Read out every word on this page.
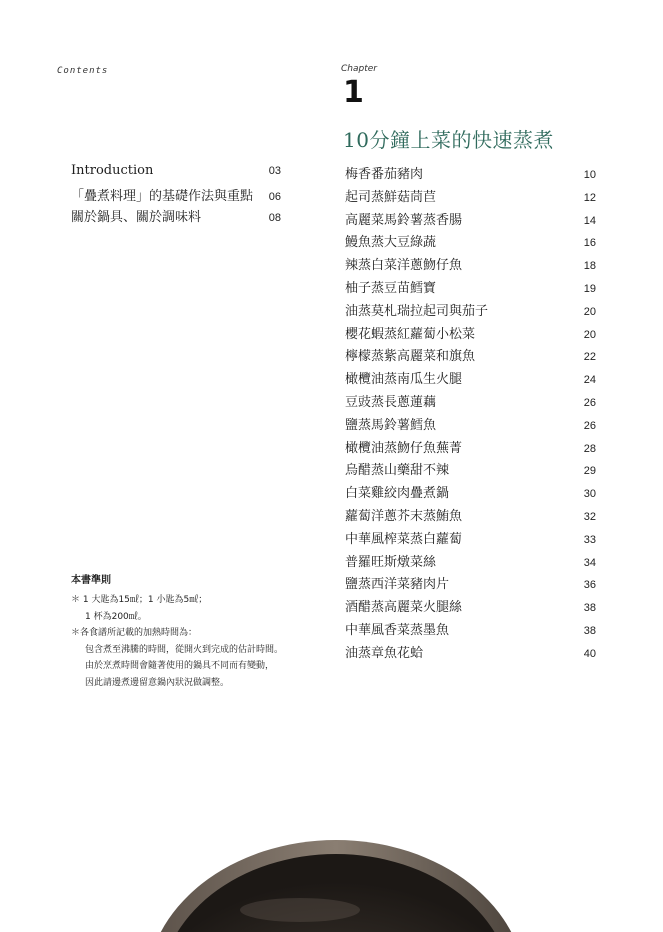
Contents	Chapter
1
10分鐘上菜的快速蒸煮
Introduction	03
「疊煮料理」的基礎作法與重點 06
關於鍋具、關於調味料	08
梅香番茄豬肉	10
起司蒸鮮菇茼苣	12
高麗菜馬鈴薯蒸香腸	14
鰻魚蒸大豆綠蔬	16
辣蒸白菜洋蔥魩仔魚	18
柚子蒸豆苗鱈寶	19
油蒸莫札瑞拉起司與茄子	20
櫻花蝦蒸紅蘿蔔小松菜	20
檸檬蒸紫高麗菜和旗魚	22
橄欖油蒸南瓜生火腿	24
豆豉蒸長蔥蓮藕	26
鹽蒸馬鈴薯鱈魚	26
橄欖油蒸魩仔魚蕪菁	28
烏醋蒸山藥甜不辣	29
白菜雞絞肉疊煮鍋	30
蘿蔔洋蔥芥末蒸鮪魚	32
中華風榨菜蒸白蘿蔔	33
普羅旺斯燉菜絲	34
鹽蒸西洋菜豬肉片	36
酒醋蒸高麗菜火腿絲	38
中華風香菜蒸墨魚	38
油蒸章魚花蛤	40
本書準則
＊ 1 大匙為15㎖；1 小匙為5㎖；
1 杯為200㎖。
＊各食譜所記載的加熱時間為：
包含煮至沸騰的時間，從開火到完成的估計時間。
由於烹煮時間會隨著使用的鍋具不同而有變動，
因此請邊煮邊留意鍋內狀況做調整。
